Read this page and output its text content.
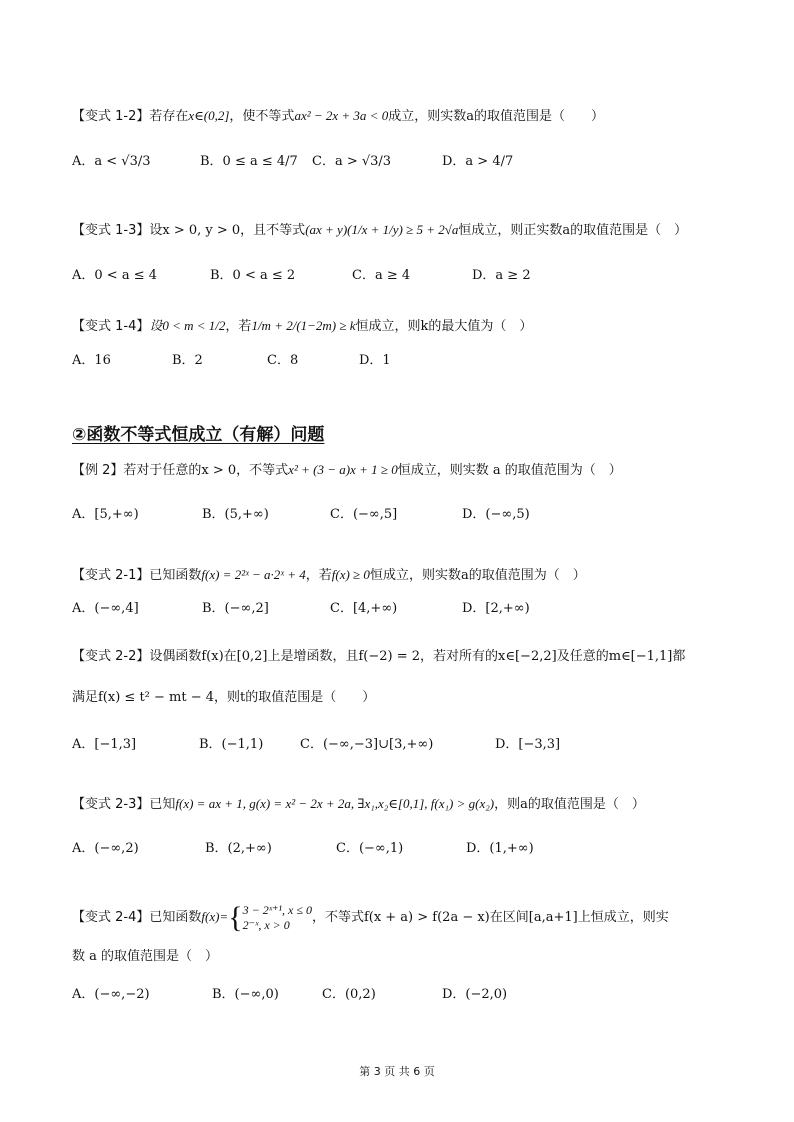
【变式 1-2】若存在x∈(0,2]，使不等式ax² − 2x + 3a < 0成立，则实数a的取值范围是（　　）
A．a < √3/3	B．0 ≤ a ≤ 4/7 C．a > √3/3	D．a > 4/7
【变式 1-3】设x > 0, y > 0，且不等式(ax + y)(1/x + 1/y) ≥ 5 + 2√a恒成立，则正实数a的取值范围是（　）
A．0 < a ≤ 4	B．0 < a ≤ 2	C．a ≥ 4	D．a ≥ 2
【变式 1-4】设0 < m < 1/2，若1/m + 2/(1−2m) ≥ k恒成立，则k的最大值为（　）
A．16	B．2	C．8	D．1
②函数不等式恒成立（有解）问题
【例 2】若对于任意的x > 0，不等式x² + (3 − a)x + 1 ≥ 0恒成立，则实数 a 的取值范围为（　）
A．[5,+∞)	B．(5,+∞)	C．(−∞,5]	D．(−∞,5)
【变式 2-1】已知函数f(x) = 2²ˣ − a·2ˣ + 4，若f(x) ≥ 0恒成立，则实数a的取值范围为（　）
A．(−∞,4]	B．(−∞,2]	C．[4,+∞)	D．[2,+∞)
【变式 2-2】设偶函数f(x)在[0,2]上是增函数，且f(−2) = 2，若对所有的x∈[−2,2]及任意的m∈[−1,1]都
满足f(x) ≤ t² − mt − 4，则t的取值范围是（　　）
A．[−1,3]	B．(−1,1)	C．(−∞,−3]∪[3,+∞)	D．[−3,3]
【变式 2-3】已知f(x) = ax + 1, g(x) = x² − 2x + 2a, ∃x₁,x₂∈[0,1], f(x₁) > g(x₂)，则a的取值范围是（　）
A．(−∞,2)	B．(2,+∞)	C．(−∞,1)	D．(1,+∞)
【变式 2-4】已知函数f(x)={ 3 − 2ˣ⁺¹, x ≤ 0
2⁻ˣ, x > 0
，不等式f(x + a) > f(2a − x)在区间[a,a+1]上恒成立，则实
数 a 的取值范围是（　）
A．(−∞,−2)	B．(−∞,0)	C．(0,2)	D．(−2,0)
第 3 页 共 6 页
